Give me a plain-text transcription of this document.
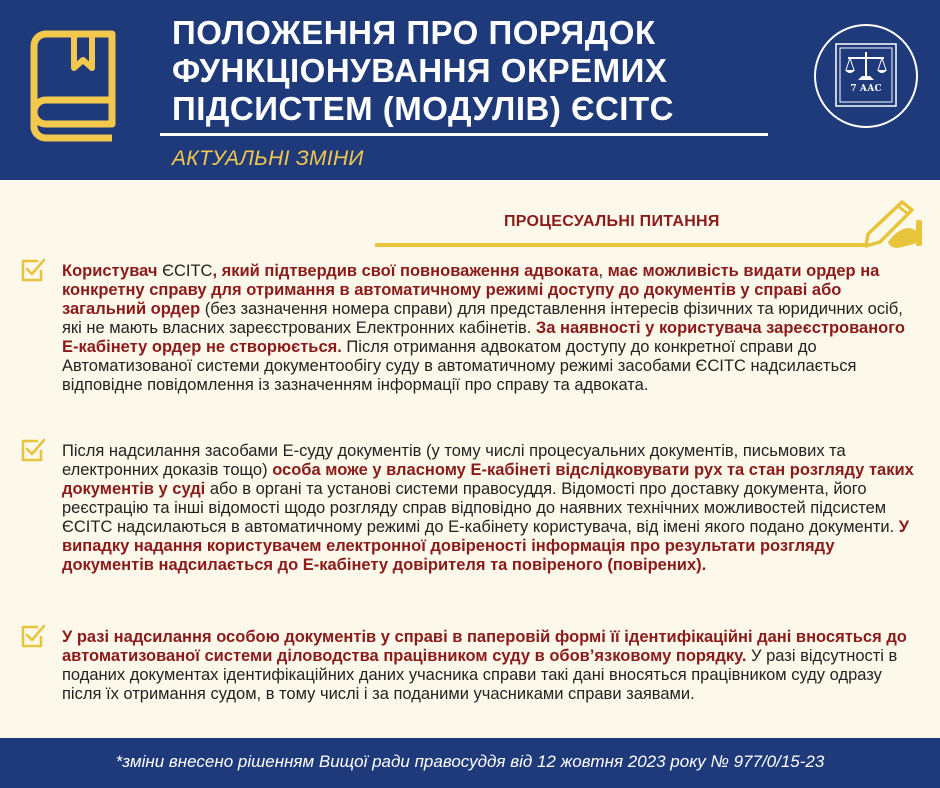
ПОЛОЖЕННЯ ПРО ПОРЯДОК ФУНКЦІОНУВАННЯ ОКРЕМИХ ПІДСИСТЕМ (МОДУЛІВ) ЄСІТС

АКТУАЛЬНІ ЗМІНИ

7 ААС
ПРОЦЕСУАЛЬНІ ПИТАННЯ

Користувач ЄСІТС, який підтвердив свої повноваження адвоката, має можливість видати ордер на конкретну справу для отримання в автоматичному режимі доступу до документів у справі або загальний ордер (без зазначення номера справи) для представлення інтересів фізичних та юридичних осіб, які не мають власних зареєстрованих Електронних кабінетів. За наявності у користувача зареєстрованого Е-кабінету ордер не створюється. Після отримання адвокатом доступу до конкретної справи до Автоматизованої системи документообігу суду в автоматичному режимі засобами ЄСІТС надсилається відповідне повідомлення із зазначенням інформації про справу та адвоката.

Після надсилання засобами Е-суду документів (у тому числі процесуальних документів, письмових та електронних доказів тощо) особа може у власному Е-кабінеті відслідковувати рух та стан розгляду таких документів у суді або в органі та установі системи правосуддя. Відомості про доставку документа, його реєстрацію та інші відомості щодо розгляду справ відповідно до наявних технічних можливостей підсистем ЄСІТС надсилаються в автоматичному режимі до Е-кабінету користувача, від імені якого подано документи. У випадку надання користувачем електронної довіреності інформація про результати розгляду документів надсилається до Е-кабінету довірителя та повіреного (повірених).

У разі надсилання особою документів у справі в паперовій формі її ідентифікаційні дані вносяться до автоматизованої системи діловодства працівником суду в обов’язковому порядку. У разі відсутності в поданих документах ідентифікаційних даних учасника справи такі дані вносяться працівником суду одразу після їх отримання судом, в тому числі і за поданими учасниками справи заявами.

*зміни внесено рішенням Вищої ради правосуддя від 12 жовтня 2023 року № 977/0/15-23
